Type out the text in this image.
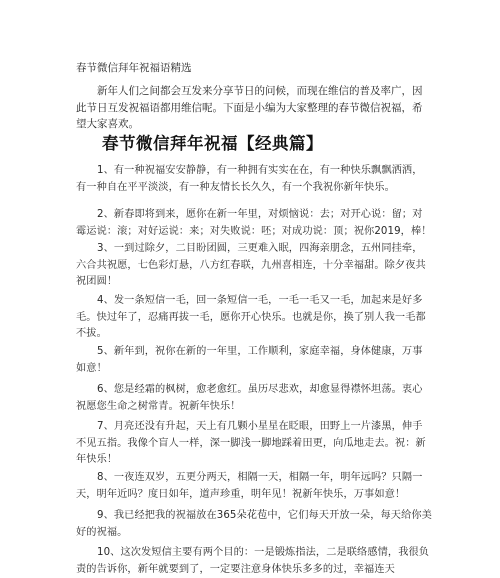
春节微信拜年祝福语精选

新年人们之间都会互发来分享节日的问候，而现在维信的普及率广，因此节日互发祝福语都用维信呢。下面是小编为大家整理的春节微信祝福，希望大家喜欢。

春节微信拜年祝福【经典篇】

1、有一种祝福安安静静，有一种拥有实实在在，有一种快乐飘飘洒洒，有一种自在平平淡淡，有一种友情长长久久，有一个我祝你新年快乐。

2、新春即将到来，愿你在新一年里，对烦恼说：去；对开心说：留；对霉运说：滚；对好运说：来；对失败说：呸；对成功说：顶；祝你2019，棒！

3、一到过除夕，二目盼团圆，三更难入眠，四海亲朋念，五州同挂牵，六合共祝愿，七色彩灯悬，八方红春联，九州喜相连，十分幸福甜。除夕夜共祝团圆！

4、发一条短信一毛，回一条短信一毛，一毛一毛又一毛，加起来是好多毛。快过年了，忍痛再拔一毛，愿你开心快乐。也就是你，换了别人我一毛都不拔。

5、新年到，祝你在新的一年里，工作顺利，家庭幸福，身体健康，万事如意！

6、您是经霜的枫树，愈老愈红。虽历尽悲欢，却愈显得襟怀坦荡。衷心祝愿您生命之树常青。祝新年快乐！

7、月亮还没有升起，天上有几颗小星星在眨眼，田野上一片漆黑，伸手不见五指。我像个盲人一样，深一脚浅一脚地踩着田更，向瓜地走去。祝：新年快乐！

8、一夜连双岁，五更分两天，相隔一天，相隔一年，明年远吗？只隔一天，明年近吗？度日如年，道声珍重，明年见！祝新年快乐，万事如意！

9、我已经把我的祝福放在365朵花苞中，它们每天开放一朵，每天给你美好的祝福。

10、这次发短信主要有两个目的：一是锻炼指法，二是联络感情，我很负责的告诉你，新年就要到了，一定要注意身体快乐多多的过，幸福连天
